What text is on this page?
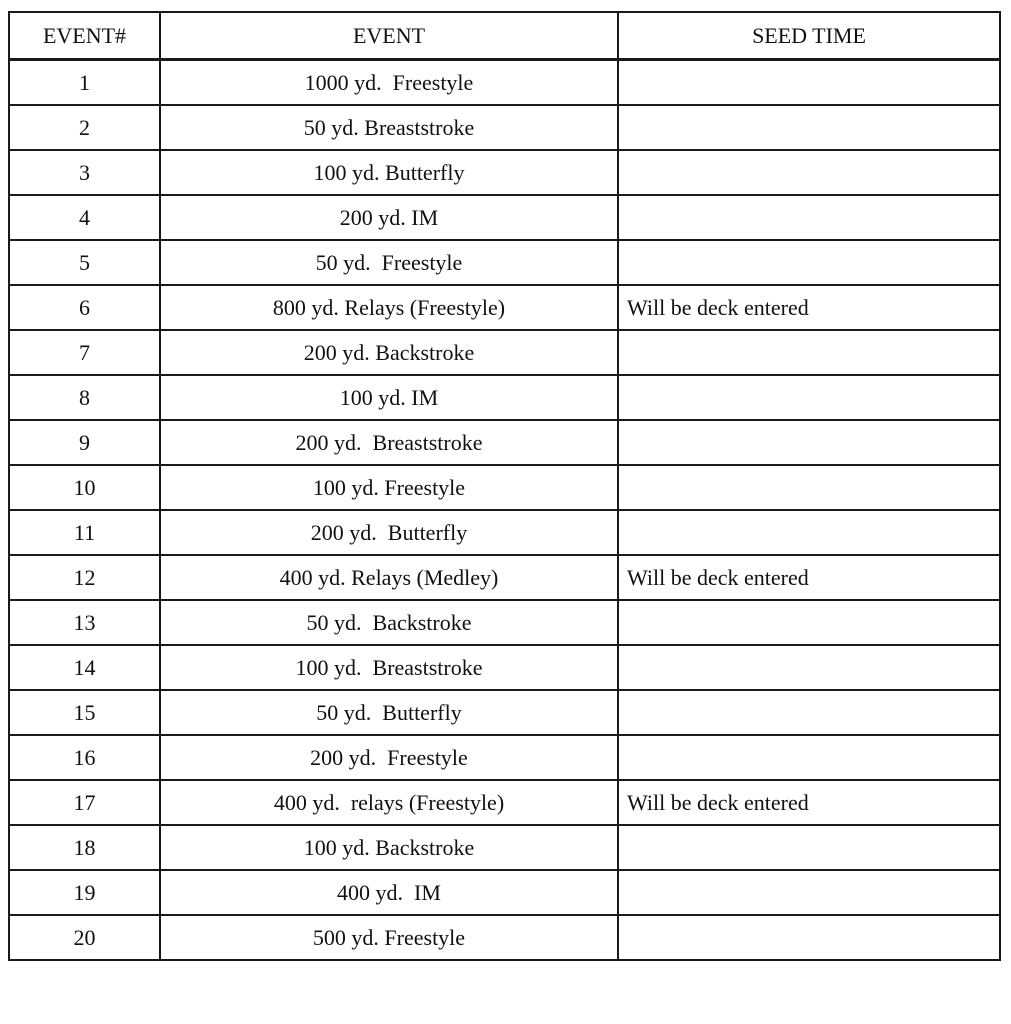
EVENT#	EVENT	SEED TIME
1	1000 yd.  Freestyle	
2	50 yd. Breaststroke	
3	100 yd. Butterfly	
4	200 yd. IM	
5	50 yd.  Freestyle	
6	800 yd. Relays (Freestyle)	Will be deck entered
7	200 yd. Backstroke	
8	100 yd. IM	
9	200 yd.  Breaststroke	
10	100 yd. Freestyle	
11	200 yd.  Butterfly	
12	400 yd. Relays (Medley)	Will be deck entered
13	50 yd.  Backstroke	
14	100 yd.  Breaststroke	
15	50 yd.  Butterfly	
16	200 yd.  Freestyle	
17	400 yd.  relays (Freestyle)	Will be deck entered
18	100 yd. Backstroke	
19	400 yd.  IM	
20	500 yd. Freestyle	
